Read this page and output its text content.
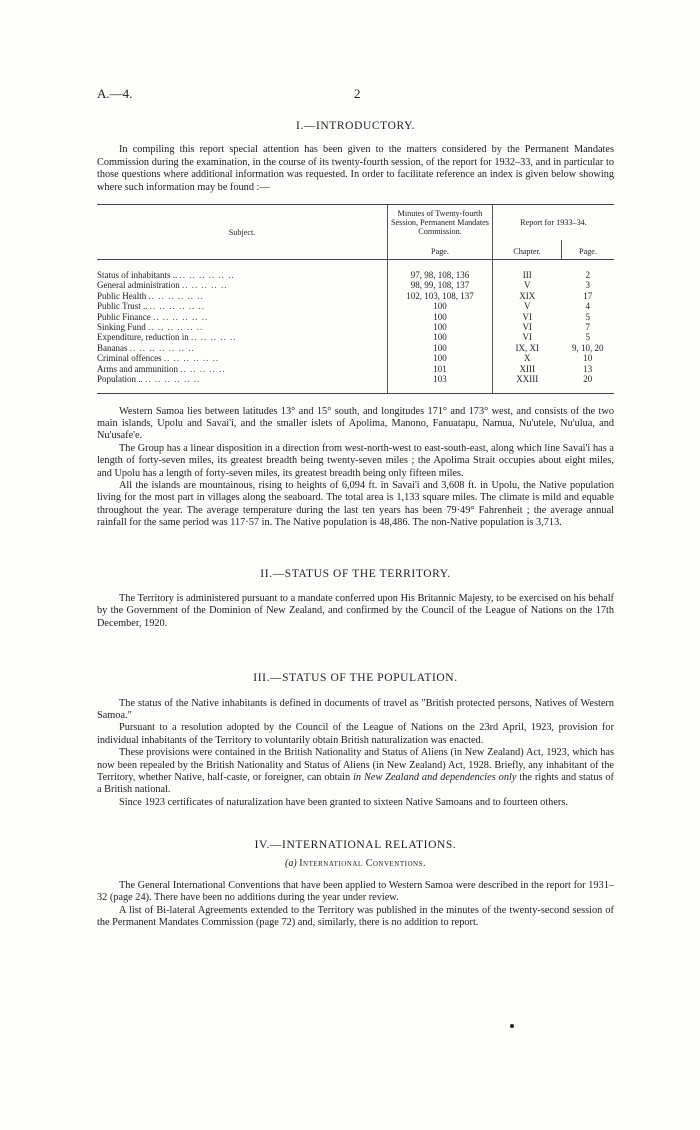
A.—4.	2
I.—INTRODUCTORY.

In compiling this report special attention has been given to the matters considered by the Permanent Mandates Commission during the examination, in the course of its twenty-fourth session, of the report for 1932–33, and in particular to those questions where additional information was requested. In order to facilitate reference an index is given below showing where such information may be found :—

Subject.	Minutes of Twenty-fourth Session, Permanent Mandates Commission.	Report for 1933–34.	
	Page.	Chapter.	Page.
Status of inhabitants .. .. .. .. .. .. ..	97, 98, 108, 136	III	2
General administration .. .. .. .. ..	98, 99, 108, 137	V	3
Public Health .. .. .. .. .. ..	102, 103, 108, 137	XIX	17
Public Trust .. .. .. .. .. .. ..	100	V	4
Public Finance .. .. .. .. .. ..	100	VI	5
Sinking Fund .. .. .. .. .. ..	100	VI	7
Expenditure, reduction in .. .. .. .. ..	100	VI	5
Bananas .. .. .. .. .. .. ..	100	IX, XI	9, 10, 20
Criminal offences .. .. .. .. .. ..	100	X	10
Arms and ammunition .. .. .. .. ..	101	XIII	13
Population .. .. .. .. .. .. ..	103	XXIII	20

Western Samoa lies between latitudes 13° and 15° south, and longitudes 171° and 173° west, and consists of the two main islands, Upolu and Savai'i, and the smaller islets of Apolima, Manono, Fanuatapu, Namua, Nu'utele, Nu'ulua, and Nu'usafe'e.

The Group has a linear disposition in a direction from west-north-west to east-south-east, along which line Savai'i has a length of forty-seven miles, its greatest breadth being twenty-seven miles ; the Apolima Strait occupies about eight miles, and Upolu has a length of forty-seven miles, its greatest breadth being only fifteen miles.

All the islands are mountainous, rising to heights of 6,094 ft. in Savai'i and 3,608 ft. in Upolu, the Native population living for the most part in villages along the seaboard. The total area is 1,133 square miles. The climate is mild and equable throughout the year. The average temperature during the last ten years has been 79·49° Fahrenheit ; the average annual rainfall for the same period was 117·57 in. The Native population is 48,486. The non-Native population is 3,713.

II.—STATUS OF THE TERRITORY.

The Territory is administered pursuant to a mandate conferred upon His Britannic Majesty, to be exercised on his behalf by the Government of the Dominion of New Zealand, and confirmed by the Council of the League of Nations on the 17th December, 1920.

III.—STATUS OF THE POPULATION.

The status of the Native inhabitants is defined in documents of travel as "British protected persons, Natives of Western Samoa."

Pursuant to a resolution adopted by the Council of the League of Nations on the 23rd April, 1923, provision for individual inhabitants of the Territory to voluntarily obtain British naturalization was enacted.

These provisions were contained in the British Nationality and Status of Aliens (in New Zealand) Act, 1923, which has now been repealed by the British Nationality and Status of Aliens (in New Zealand) Act, 1928. Briefly, any inhabitant of the Territory, whether Native, half-caste, or foreigner, can obtain in New Zealand and dependencies only the rights and status of a British national.

Since 1923 certificates of naturalization have been granted to sixteen Native Samoans and to fourteen others.

IV.—INTERNATIONAL RELATIONS.
(a) International Conventions.

The General International Conventions that have been applied to Western Samoa were described in the report for 1931–32 (page 24). There have been no additions during the year under review.

A list of Bi-lateral Agreements extended to the Territory was published in the minutes of the twenty-second session of the Permanent Mandates Commission (page 72) and, similarly, there is no addition to report.
